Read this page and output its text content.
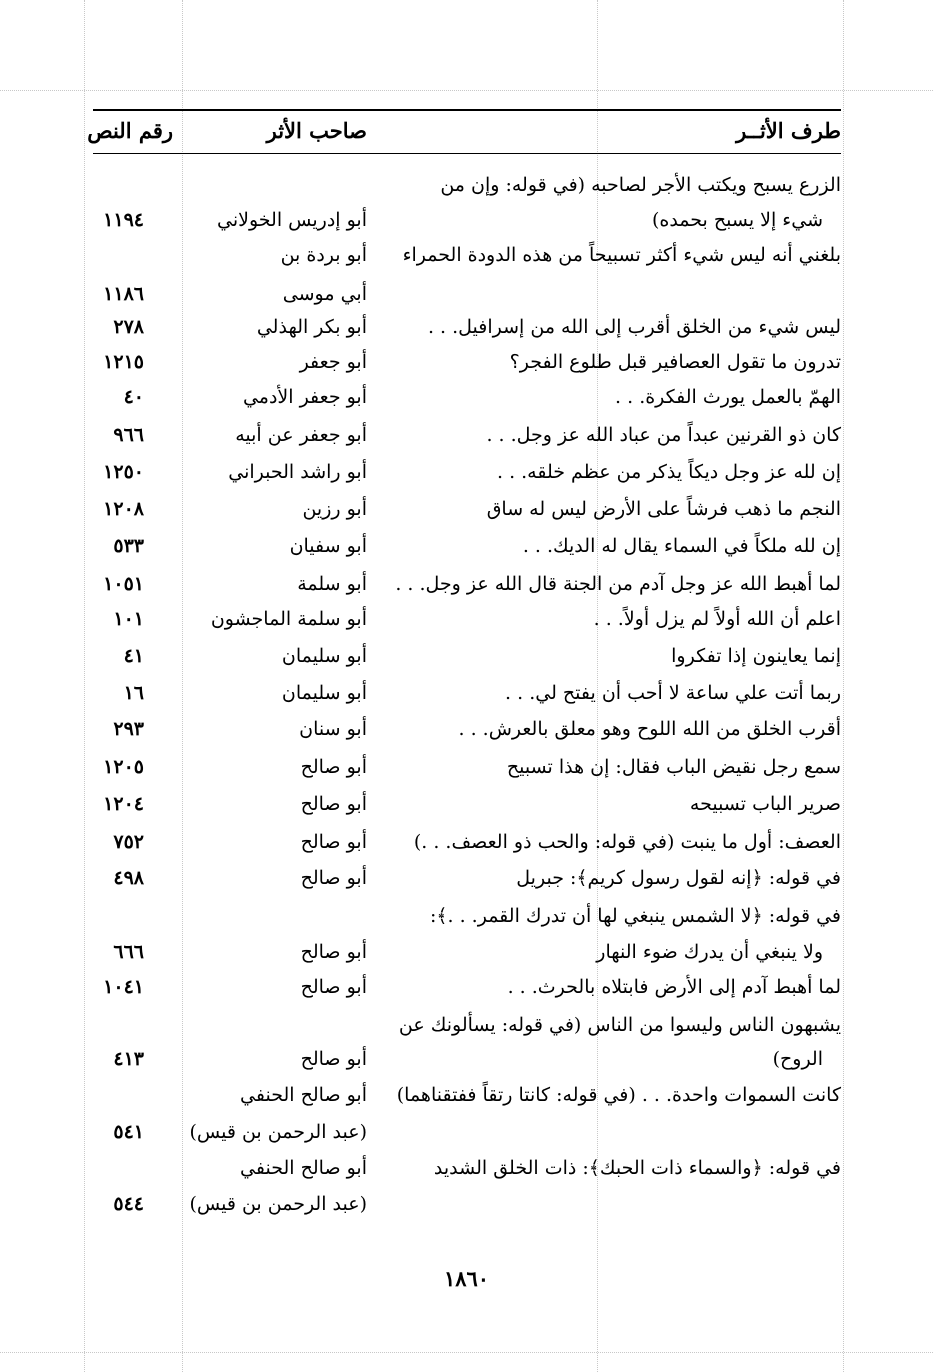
طرف الأثــر
صاحب الأثر
رقم النص
الزرع يسبح ويكتب الأجر لصاحبه (في قوله: وإن من
شيء إلا يسبح بحمده)
أبو إدريس الخولاني
١١٩٤
بلغني أنه ليس شيء أكثر تسبيحاً من هذه الدودة الحمراء
أبو بردة بن
أبي موسى
١١٨٦
ليس شيء من الخلق أقرب إلى الله من إسرافيل. . .
أبو بكر الهذلي
٢٧٨
تدرون ما تقول العصافير قبل طلوع الفجر؟
أبو جعفر
١٢١٥
الهمّ بالعمل يورث الفكرة. . .
أبو جعفر الأدمي
٤٠
كان ذو القرنين عبداً من عباد الله عز وجل. . .
أبو جعفر عن أبيه
٩٦٦
إن لله عز وجل ديكاً يذكر من عظم خلقه. . .
أبو راشد الحبراني
١٢٥٠
النجم ما ذهب فرشاً على الأرض ليس له ساق
أبو رزين
١٢٠٨
إن لله ملكاً في السماء يقال له الديك. . .
أبو سفيان
٥٣٣
لما أهبط الله عز وجل آدم من الجنة قال الله عز وجل. . .
أبو سلمة
١٠٥١
اعلم أن الله أولاً لم يزل أولاً. . .
أبو سلمة الماجشون
١٠١
إنما يعاينون إذا تفكروا
أبو سليمان
٤١
ربما أتت علي ساعة لا أحب أن يفتح لي. . .
أبو سليمان
١٦
أقرب الخلق من الله اللوح وهو معلق بالعرش. . .
أبو سنان
٢٩٣
سمع رجل نقيض الباب فقال: إن هذا تسبيح
أبو صالح
١٢٠٥
صرير الباب تسبيحه
أبو صالح
١٢٠٤
العصف: أول ما ينبت (في قوله: والحب ذو العصف. . .)
أبو صالح
٧٥٢
في قوله: ﴿إنه لقول رسول كريم﴾: جبريل
أبو صالح
٤٩٨
في قوله: ﴿لا الشمس ينبغي لها أن تدرك القمر. . .﴾:
ولا ينبغي أن يدرك ضوء النهار
أبو صالح
٦٦٦
لما أهبط آدم إلى الأرض فابتلاه بالحرث. . .
أبو صالح
١٠٤١
يشبهون الناس وليسوا من الناس (في قوله: يسألونك عن
الروح)
أبو صالح
٤١٣
كانت السموات واحدة. . . (في قوله: كانتا رتقاً ففتقناهما)
أبو صالح الحنفي
(عبد الرحمن بن قيس)
٥٤١
في قوله: ﴿والسماء ذات الحبك﴾: ذات الخلق الشديد
أبو صالح الحنفي
(عبد الرحمن بن قيس)
٥٤٤
١٨٦٠
